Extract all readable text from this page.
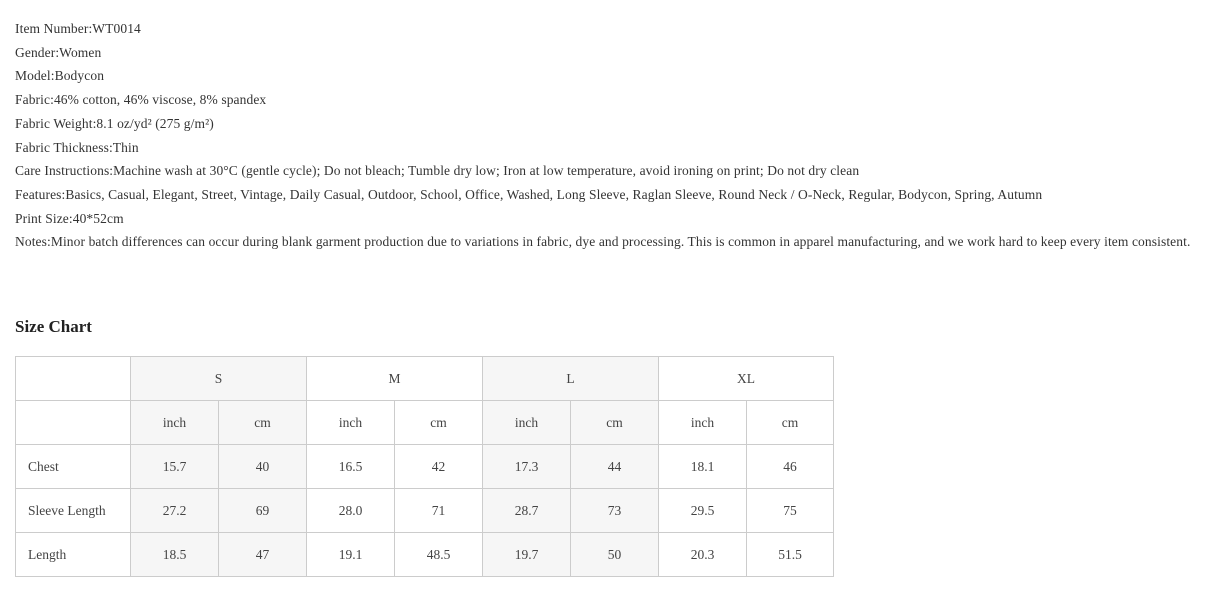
Item Number:WT0014
Gender:Women
Model:Bodycon
Fabric:46% cotton, 46% viscose, 8% spandex
Fabric Weight:8.1 oz/yd² (275 g/m²)
Fabric Thickness:Thin
Care Instructions:Machine wash at 30°C (gentle cycle); Do not bleach; Tumble dry low; Iron at low temperature, avoid ironing on print; Do not dry clean
Features:Basics, Casual, Elegant, Street, Vintage, Daily Casual, Outdoor, School, Office, Washed, Long Sleeve, Raglan Sleeve, Round Neck / O-Neck, Regular, Bodycon, Spring, Autumn
Print Size:40*52cm
Notes:Minor batch differences can occur during blank garment production due to variations in fabric, dye and processing. This is common in apparel manufacturing, and we work hard to keep every item consistent.
Size Chart
	S		M		L		XL	
	inch	cm	inch	cm	inch	cm	inch	cm
Chest	15.7	40	16.5	42	17.3	44	18.1	46
Sleeve Length	27.2	69	28.0	71	28.7	73	29.5	75
Length	18.5	47	19.1	48.5	19.7	50	20.3	51.5
